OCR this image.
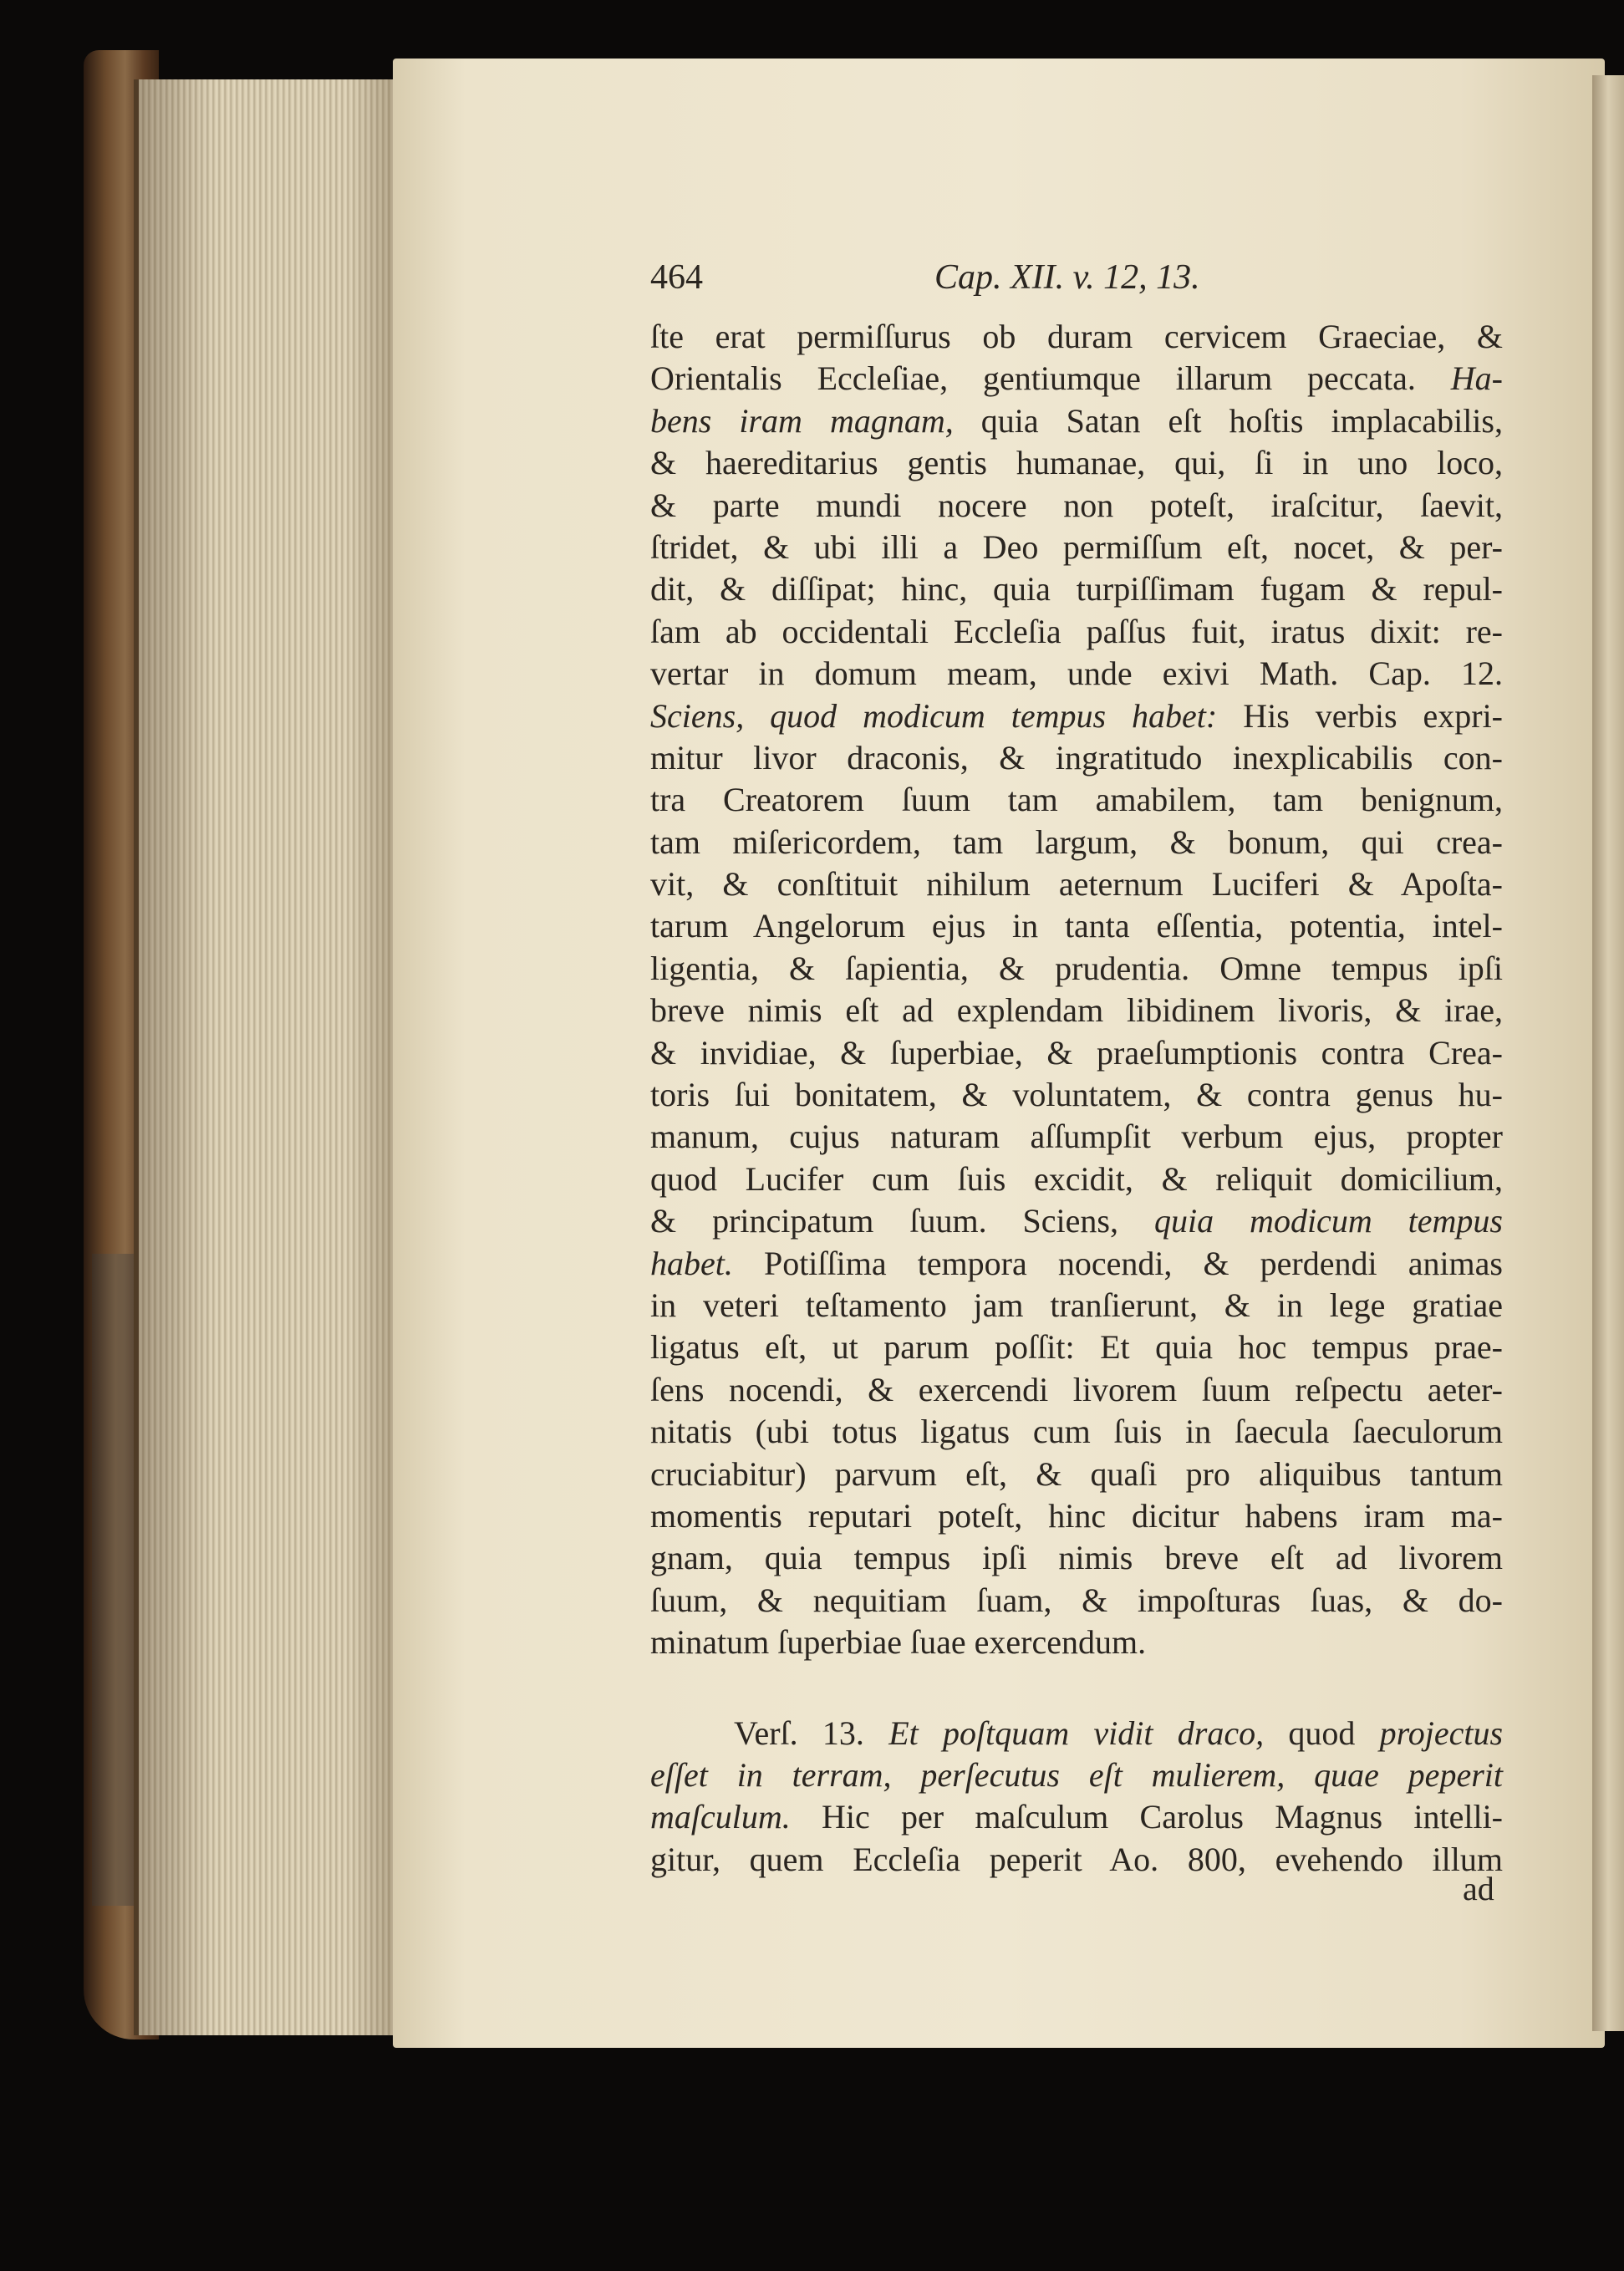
464	Cap. XII. v. 12, 13.
ſte erat permiſſurus ob duram cervicem Graeciae, &
Orientalis Eccleſiae, gentiumque illarum peccata. Ha-
bens iram magnam, quia Satan eſt hoſtis implacabilis,
& haereditarius gentis humanae, qui, ſi in uno loco,
& parte mundi nocere non poteſt, iraſcitur, ſaevit,
ſtridet, & ubi illi a Deo permiſſum eſt, nocet, & per-
dit, & diſſipat; hinc, quia turpiſſimam fugam & repul-
ſam ab occidentali Eccleſia paſſus fuit, iratus dixit: re-
vertar in domum meam, unde exivi Math. Cap. 12.
Sciens, quod modicum tempus habet: His verbis expri-
mitur livor draconis, & ingratitudo inexplicabilis con-
tra Creatorem ſuum tam amabilem, tam benignum,
tam miſericordem, tam largum, & bonum, qui crea-
vit, & conſtituit nihilum aeternum Luciferi & Apoſta-
tarum Angelorum ejus in tanta eſſentia, potentia, intel-
ligentia, & ſapientia, & prudentia. Omne tempus ipſi
breve nimis eſt ad explendam libidinem livoris, & irae,
& invidiae, & ſuperbiae, & praeſumptionis contra Crea-
toris ſui bonitatem, & voluntatem, & contra genus hu-
manum, cujus naturam aſſumpſit verbum ejus, propter
quod Lucifer cum ſuis excidit, & reliquit domicilium,
& principatum ſuum. Sciens, quia modicum tempus
habet. Potiſſima tempora nocendi, & perdendi animas
in veteri teſtamento jam tranſierunt, & in lege gratiae
ligatus eſt, ut parum poſſit: Et quia hoc tempus prae-
ſens nocendi, & exercendi livorem ſuum reſpectu aeter-
nitatis (ubi totus ligatus cum ſuis in ſaecula ſaeculorum
cruciabitur) parvum eſt, & quaſi pro aliquibus tantum
momentis reputari poteſt, hinc dicitur habens iram ma-
gnam, quia tempus ipſi nimis breve eſt ad livorem
ſuum, & nequitiam ſuam, & impoſturas ſuas, & do-
minatum ſuperbiae ſuae exercendum.
Verſ. 13. Et poſtquam vidit draco, quod projectus
eſſet in terram, perſecutus eſt mulierem, quae peperit
maſculum. Hic per maſculum Carolus Magnus intelli-
gitur, quem Eccleſia peperit Ao. 800, evehendo illum
ad
